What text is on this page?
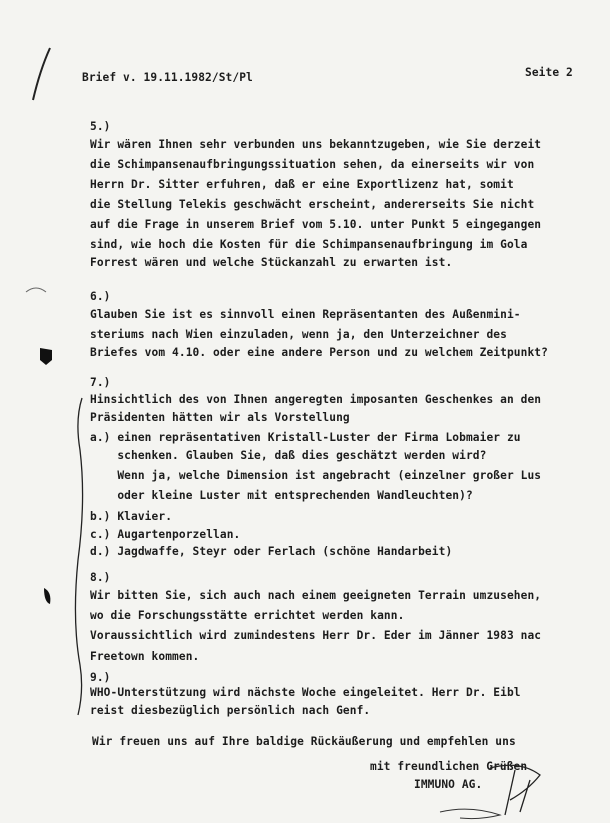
Brief v. 19.11.1982/St/Pl	Seite 2
5.)
Wir wären Ihnen sehr verbunden uns bekanntzugeben, wie Sie derzeit
die Schimpansenaufbringungssituation sehen, da einerseits wir von
Herrn Dr. Sitter erfuhren, daß er eine Exportlizenz hat, somit
die Stellung Telekis geschwächt erscheint, andererseits Sie nicht
auf die Frage in unserem Brief vom 5.10. unter Punkt 5 eingegangen
sind, wie hoch die Kosten für die Schimpansenaufbringung im Gola
Forrest wären und welche Stückanzahl zu erwarten ist.
6.)
Glauben Sie ist es sinnvoll einen Repräsentanten des Außenmini-
steriums nach Wien einzuladen, wenn ja, den Unterzeichner des
Briefes vom 4.10. oder eine andere Person und zu welchem Zeitpunkt?
7.)
Hinsichtlich des von Ihnen angeregten imposanten Geschenkes an den
Präsidenten hätten wir als Vorstellung
a.) einen repräsentativen Kristall-Luster der Firma Lobmaier zu
schenken. Glauben Sie, daß dies geschätzt werden wird?
Wenn ja, welche Dimension ist angebracht (einzelner großer Lus
oder kleine Luster mit entsprechenden Wandleuchten)?
b.) Klavier.
c.) Augartenporzellan.
d.) Jagdwaffe, Steyr oder Ferlach (schöne Handarbeit)
8.)
Wir bitten Sie, sich auch nach einem geeigneten Terrain umzusehen,
wo die Forschungsstätte errichtet werden kann.
Voraussichtlich wird zumindestens Herr Dr. Eder im Jänner 1983 nac
Freetown kommen.
9.)
WHO-Unterstützung wird nächste Woche eingeleitet. Herr Dr. Eibl
reist diesbezüglich persönlich nach Genf.
Wir freuen uns auf Ihre baldige Rückäußerung und empfehlen uns
mit freundlichen Grüßen
IMMUNO AG.
